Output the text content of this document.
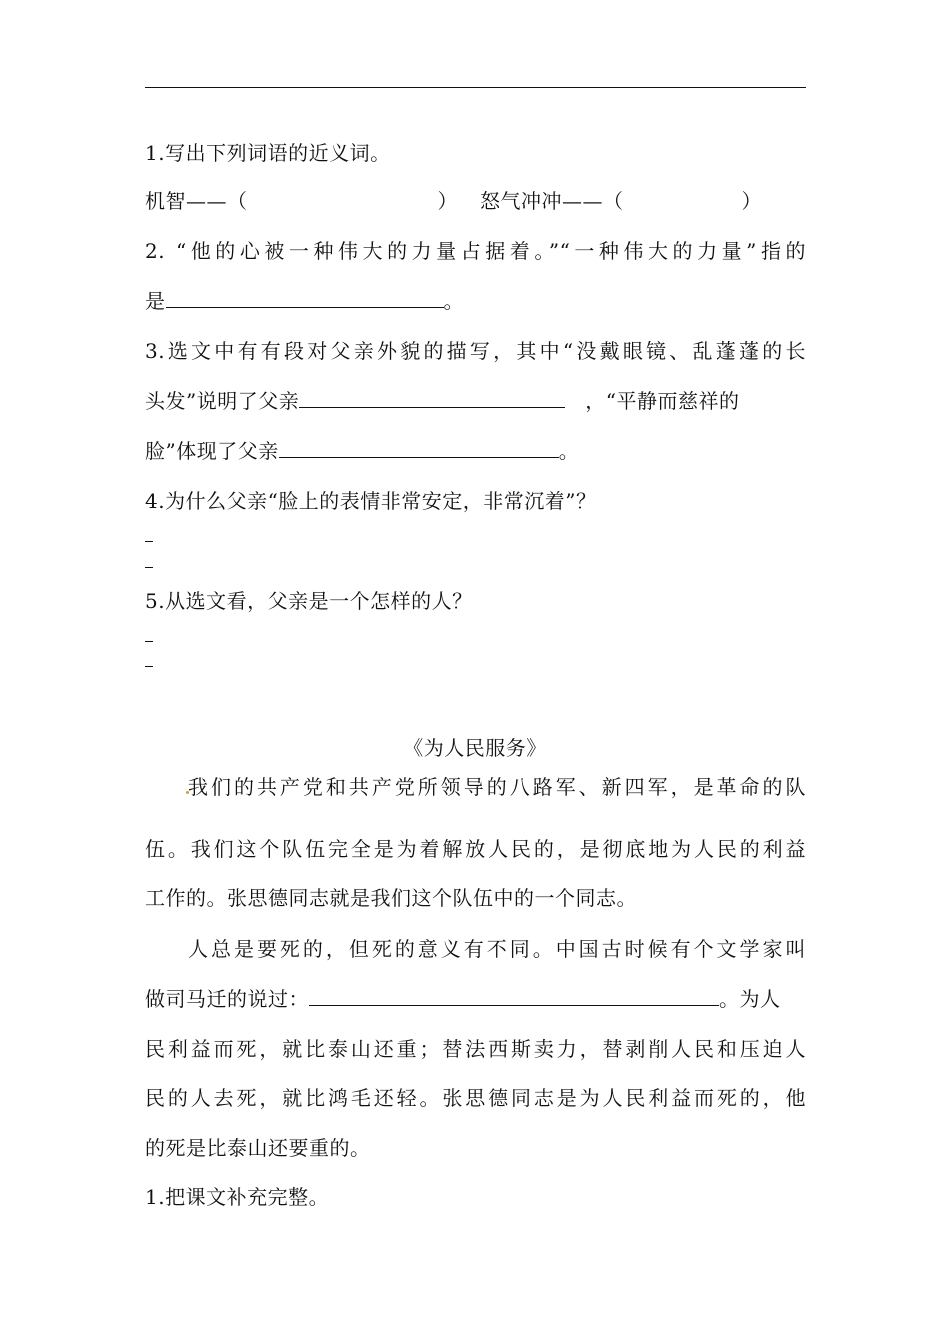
1.写出下列词语的近义词。
机智——（	） 怒气冲冲——（	）
2. “他的心被一种伟大的力量占据着。”“一种伟大的力量”指的
是	。
3.选文中有有段对父亲外貌的描写，其中“没戴眼镜、乱蓬蓬的长
头发”说明了父亲	，“平静而慈祥的
脸”体现了父亲	。
4.为什么父亲“脸上的表情非常安定，非常沉着”？
5.从选文看，父亲是一个怎样的人？
《为人民服务》
我们的共产党和共产党所领导的八路军、新四军，是革命的队
伍。我们这个队伍完全是为着解放人民的，是彻底地为人民的利益
工作的。张思德同志就是我们这个队伍中的一个同志。
人总是要死的，但死的意义有不同。中国古时候有个文学家叫
做司马迁的说过：	。为人
民利益而死，就比泰山还重；替法西斯卖力，替剥削人民和压迫人
民的人去死，就比鸿毛还轻。张思德同志是为人民利益而死的，他
的死是比泰山还要重的。
1.把课文补充完整。
